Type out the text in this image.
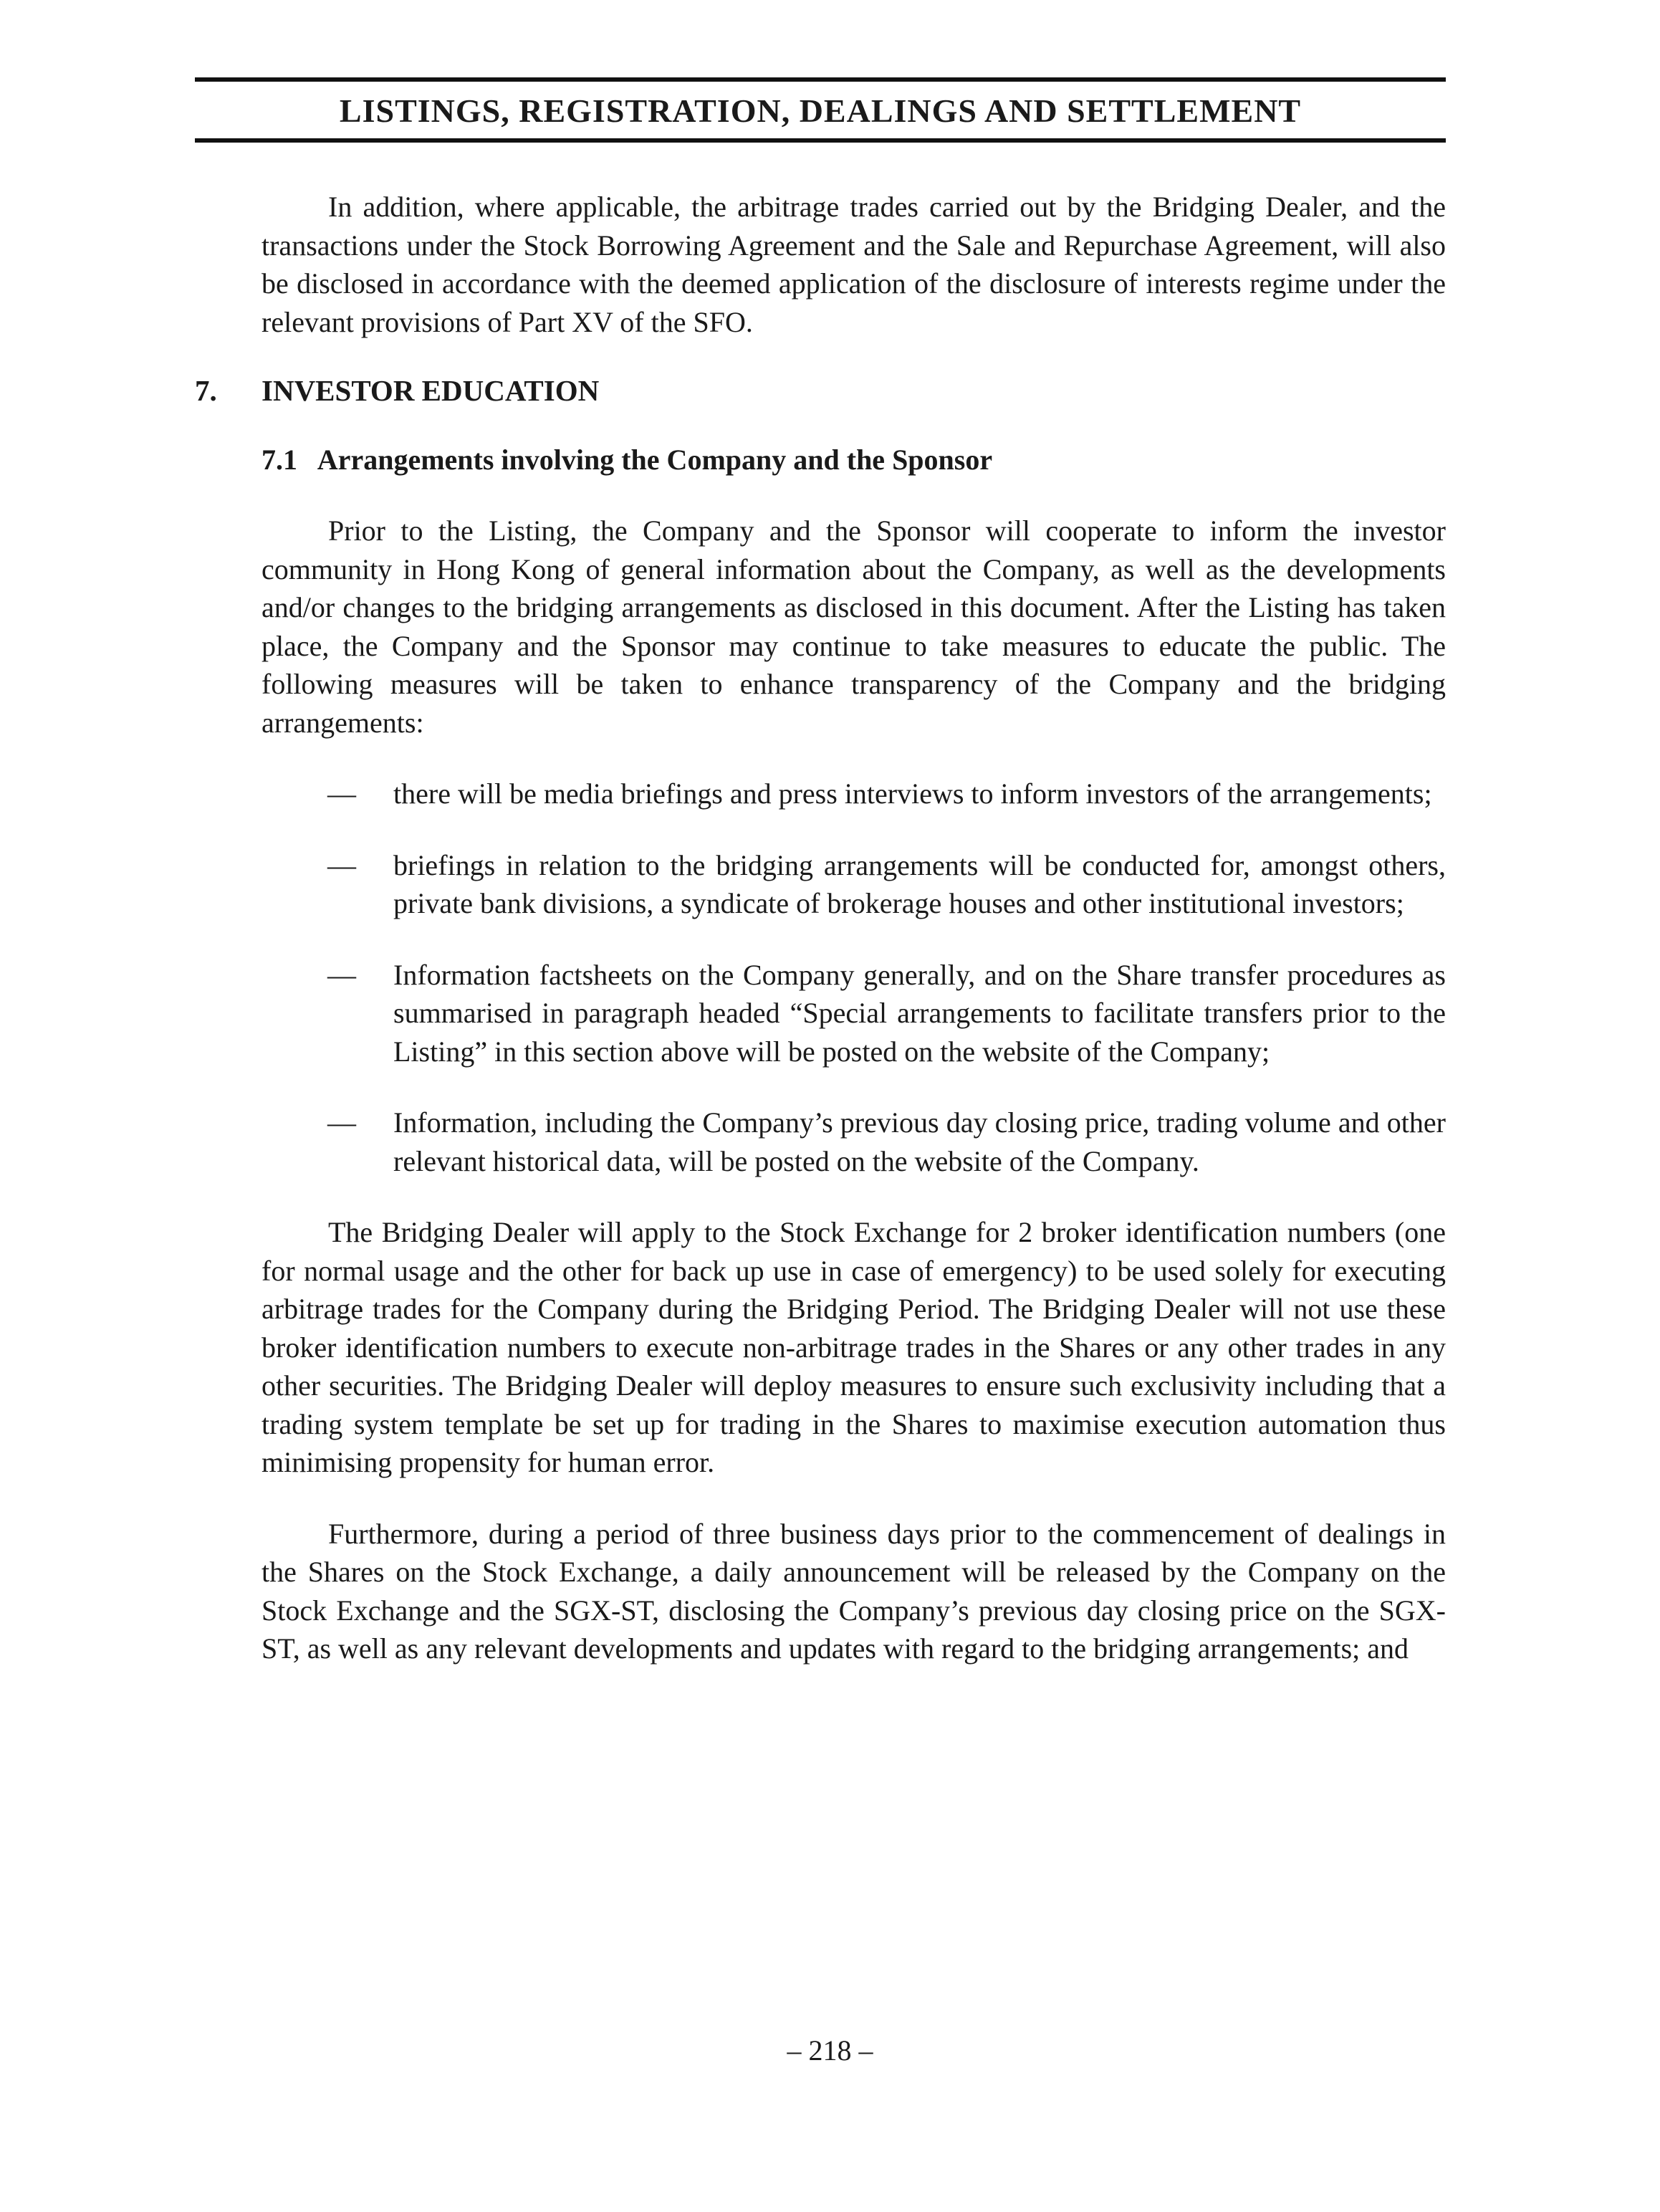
LISTINGS, REGISTRATION, DEALINGS AND SETTLEMENT

In addition, where applicable, the arbitrage trades carried out by the Bridging Dealer, and the transactions under the Stock Borrowing Agreement and the Sale and Repurchase Agreement, will also be disclosed in accordance with the deemed application of the disclosure of interests regime under the relevant provisions of Part XV of the SFO.

7. INVESTOR EDUCATION
7.1 Arrangements involving the Company and the Sponsor

Prior to the Listing, the Company and the Sponsor will cooperate to inform the investor community in Hong Kong of general information about the Company, as well as the developments and/or changes to the bridging arrangements as disclosed in this document. After the Listing has taken place, the Company and the Sponsor may continue to take measures to educate the public. The following measures will be taken to enhance transparency of the Company and the bridging arrangements:

— there will be media briefings and press interviews to inform investors of the arrangements;
— briefings in relation to the bridging arrangements will be conducted for, amongst others, private bank divisions, a syndicate of brokerage houses and other institutional investors;
— Information factsheets on the Company generally, and on the Share transfer procedures as summarised in paragraph headed “Special arrangements to facilitate transfers prior to the Listing” in this section above will be posted on the website of the Company;
— Information, including the Company’s previous day closing price, trading volume and other relevant historical data, will be posted on the website of the Company.

The Bridging Dealer will apply to the Stock Exchange for 2 broker identification numbers (one for normal usage and the other for back up use in case of emergency) to be used solely for executing arbitrage trades for the Company during the Bridging Period. The Bridging Dealer will not use these broker identification numbers to execute non-arbitrage trades in the Shares or any other trades in any other securities. The Bridging Dealer will deploy measures to ensure such exclusivity including that a trading system template be set up for trading in the Shares to maximise execution automation thus minimising propensity for human error.

Furthermore, during a period of three business days prior to the commencement of dealings in the Shares on the Stock Exchange, a daily announcement will be released by the Company on the Stock Exchange and the SGX-ST, disclosing the Company’s previous day closing price on the SGX-ST, as well as any relevant developments and updates with regard to the bridging arrangements; and

– 218 –
